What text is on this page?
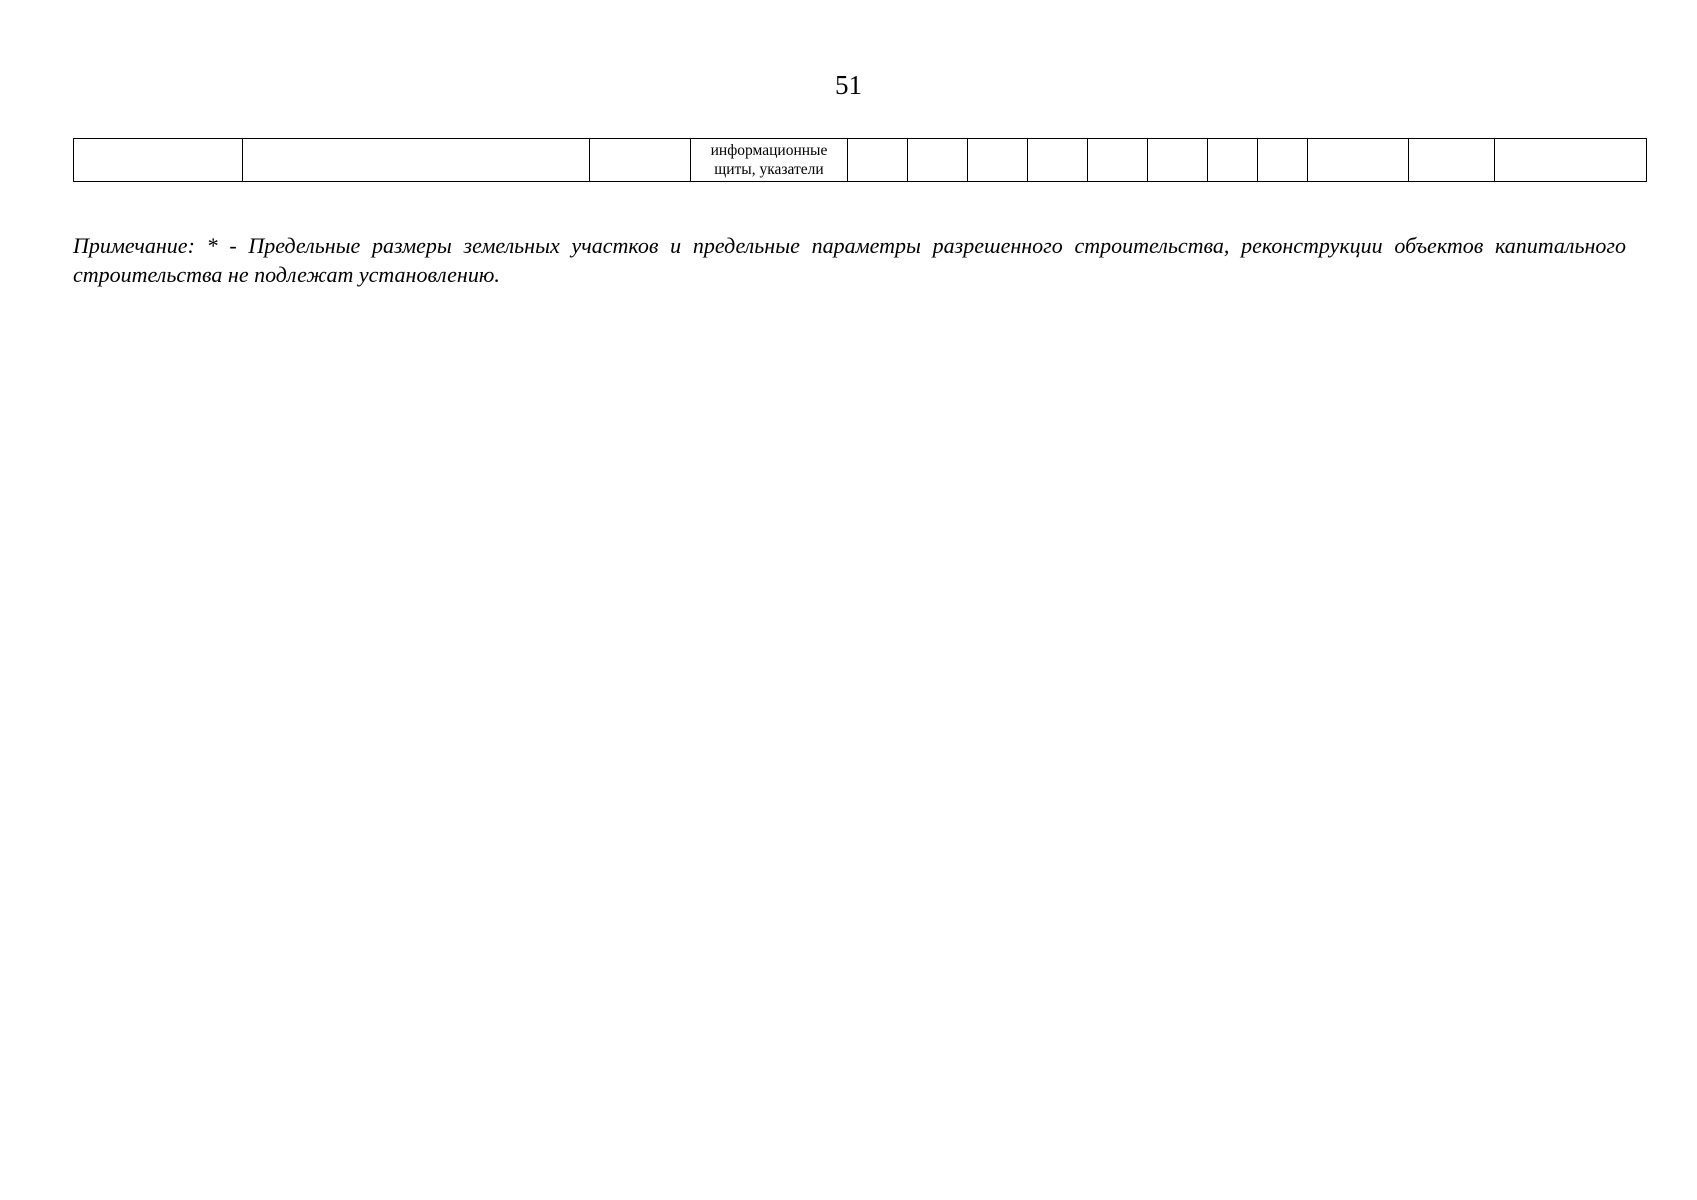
51

информационные щиты, указатели

Примечание: * - Предельные размеры земельных участков и предельные параметры разрешенного строительства, реконструкции объектов капитального строительства не подлежат установлению.
